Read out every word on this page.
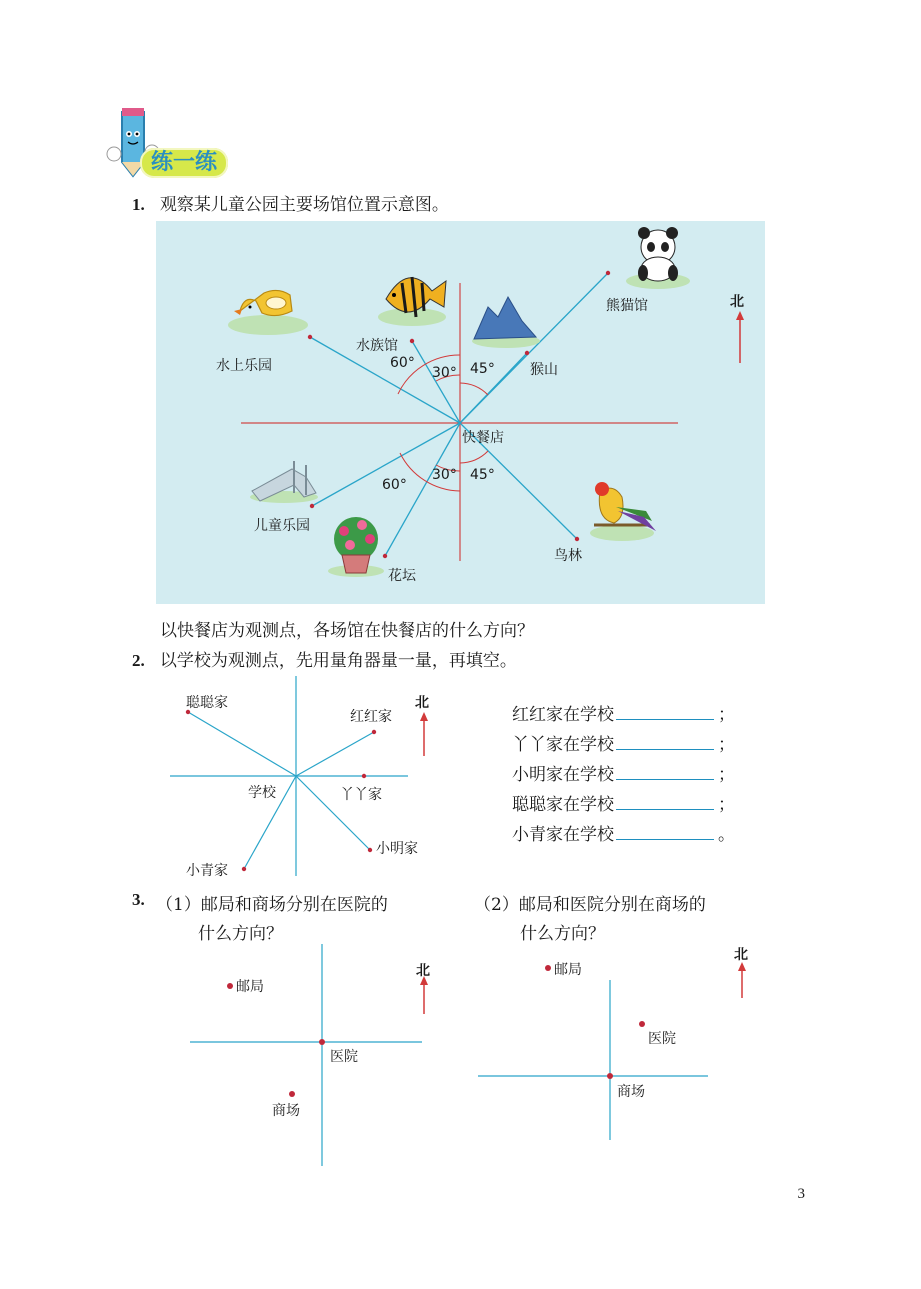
练一练
1. 观察某儿童公园主要场馆位置示意图。
水上乐园
水族馆
猴山
熊猫馆
快餐店
儿童乐园
花坛
鸟林
北
60°
30° 45°
60°
30° 45°
以快餐店为观测点，各场馆在快餐店的什么方向？
2. 以学校为观测点，先用量角器量一量，再填空。
聪聪家
红红家
丫丫家
小明家
小青家
学校
北
红红家在学校	；
丫丫家在学校	；
小明家在学校	；
聪聪家在学校	；
小青家在学校	。
3. （1）邮局和商场分别在医院的
什么方向？
（2）邮局和医院分别在商场的
什么方向？
邮局
医院
商场
北	邮局
医院
商场
北
3
